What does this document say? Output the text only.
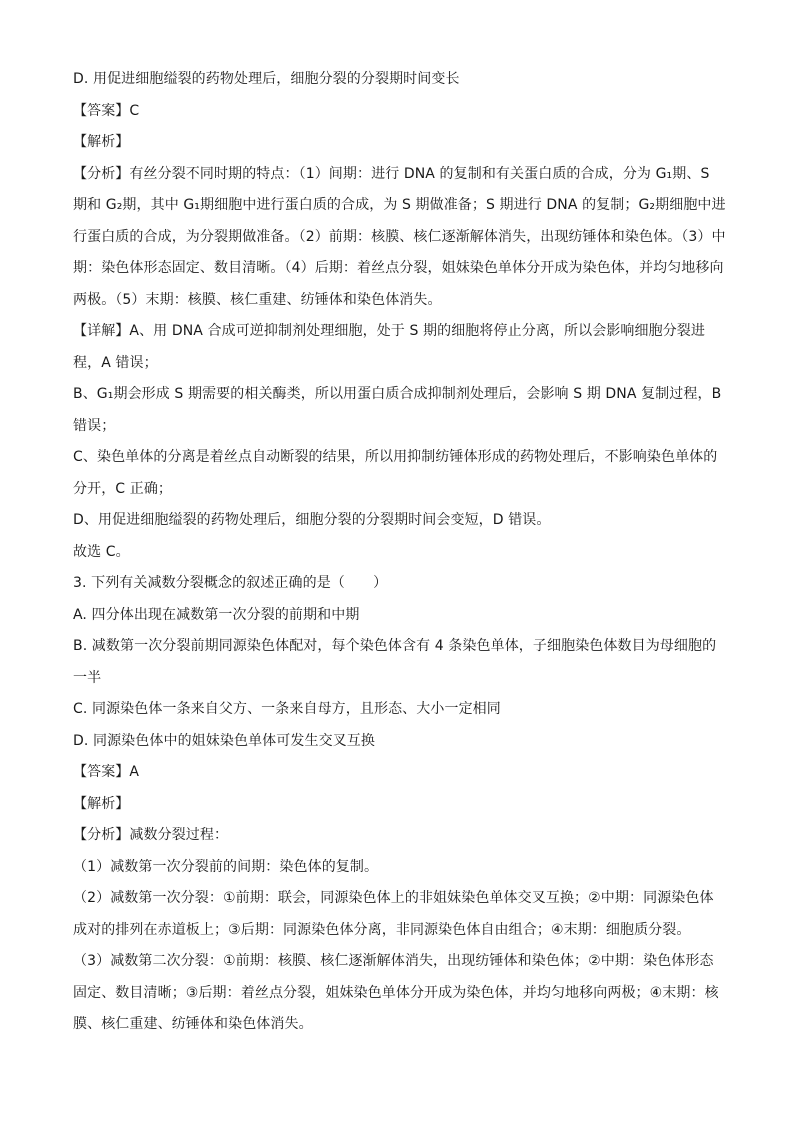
D. 用促进细胞缢裂的药物处理后，细胞分裂的分裂期时间变长
【答案】C
【解析】
【分析】有丝分裂不同时期的特点：（1）间期：进行 DNA 的复制和有关蛋白质的合成，分为 G₁期、S
期和 G₂期，其中 G₁期细胞中进行蛋白质的合成，为 S 期做准备；S 期进行 DNA 的复制；G₂期细胞中进
行蛋白质的合成，为分裂期做准备。（2）前期：核膜、核仁逐渐解体消失，出现纺锤体和染色体。（3）中
期：染色体形态固定、数目清晰。（4）后期：着丝点分裂，姐妹染色单体分开成为染色体，并均匀地移向
两极。（5）末期：核膜、核仁重建、纺锤体和染色体消失。
【详解】A、用 DNA 合成可逆抑制剂处理细胞，处于 S 期的细胞将停止分离，所以会影响细胞分裂进
程，A 错误；
B、G₁期会形成 S 期需要的相关酶类，所以用蛋白质合成抑制剂处理后，会影响 S 期 DNA 复制过程，B
错误；
C、染色单体的分离是着丝点自动断裂的结果，所以用抑制纺锤体形成的药物处理后，不影响染色单体的
分开，C 正确；
D、用促进细胞缢裂的药物处理后，细胞分裂的分裂期时间会变短，D 错误。
故选 C。
3. 下列有关减数分裂概念的叙述正确的是（　　）
A. 四分体出现在减数第一次分裂的前期和中期
B. 减数第一次分裂前期同源染色体配对，每个染色体含有 4 条染色单体，子细胞染色体数目为母细胞的
一半
C. 同源染色体一条来自父方、一条来自母方，且形态、大小一定相同
D. 同源染色体中的姐妹染色单体可发生交叉互换
【答案】A
【解析】
【分析】减数分裂过程：
（1）减数第一次分裂前的间期：染色体的复制。
（2）减数第一次分裂：①前期：联会，同源染色体上的非姐妹染色单体交叉互换；②中期：同源染色体
成对的排列在赤道板上；③后期：同源染色体分离，非同源染色体自由组合；④末期：细胞质分裂。
（3）减数第二次分裂：①前期：核膜、核仁逐渐解体消失，出现纺锤体和染色体；②中期：染色体形态
固定、数目清晰；③后期：着丝点分裂，姐妹染色单体分开成为染色体，并均匀地移向两极；④末期：核
膜、核仁重建、纺锤体和染色体消失。
